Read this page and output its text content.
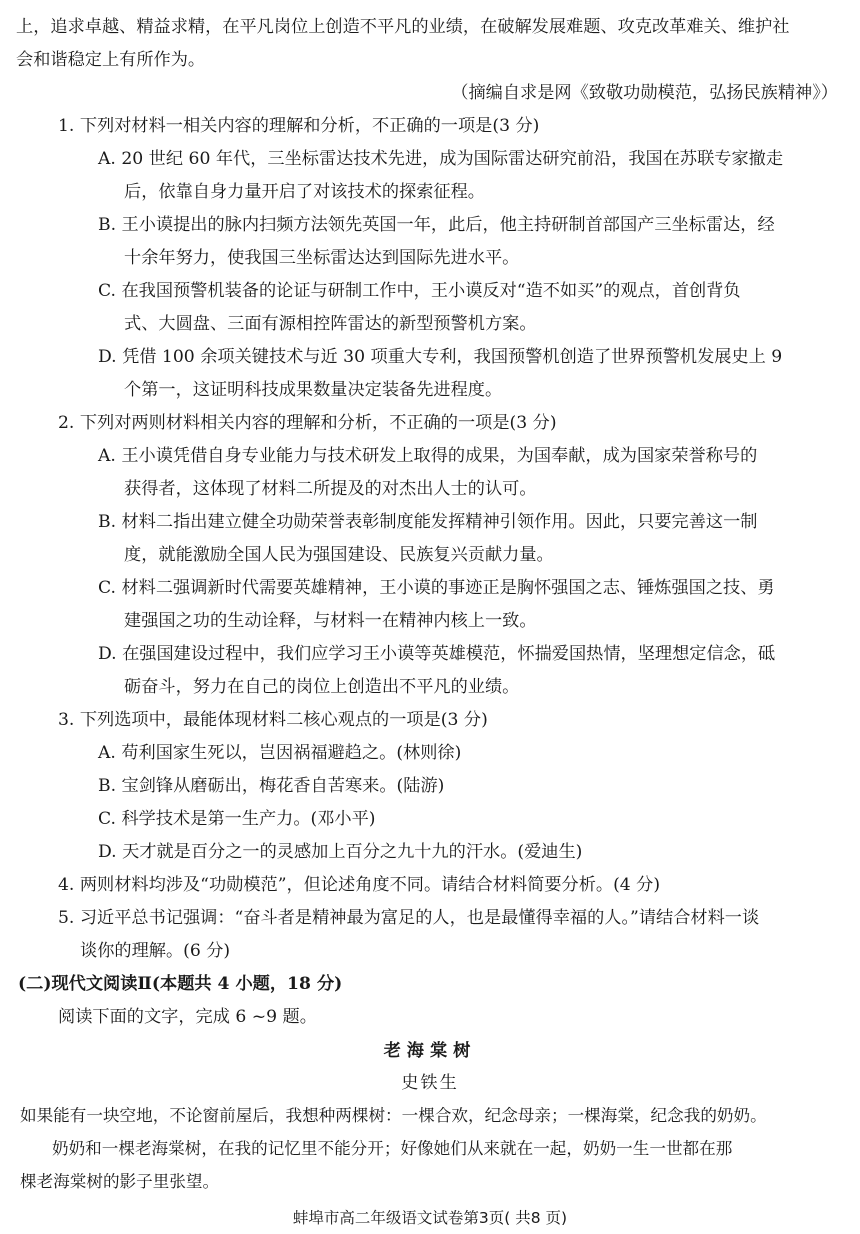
上，追求卓越、精益求精，在平凡岗位上创造不平凡的业绩，在破解发展难题、攻克改革难关、维护社
会和谐稳定上有所作为。
（摘编自求是网《致敬功勋模范，弘扬民族精神》）
1. 下列对材料一相关内容的理解和分析，不正确的一项是(3 分)
A. 20 世纪 60 年代，三坐标雷达技术先进，成为国际雷达研究前沿，我国在苏联专家撤走
后，依靠自身力量开启了对该技术的探索征程。
B. 王小谟提出的脉内扫频方法领先英国一年，此后，他主持研制首部国产三坐标雷达，经
十余年努力，使我国三坐标雷达达到国际先进水平。
C. 在我国预警机装备的论证与研制工作中，王小谟反对“造不如买”的观点，首创背负
式、大圆盘、三面有源相控阵雷达的新型预警机方案。
D. 凭借 100 余项关键技术与近 30 项重大专利，我国预警机创造了世界预警机发展史上 9
个第一，这证明科技成果数量决定装备先进程度。
2. 下列对两则材料相关内容的理解和分析，不正确的一项是(3 分)
A. 王小谟凭借自身专业能力与技术研发上取得的成果，为国奉献，成为国家荣誉称号的
获得者，这体现了材料二所提及的对杰出人士的认可。
B. 材料二指出建立健全功勋荣誉表彰制度能发挥精神引领作用。因此，只要完善这一制
度，就能激励全国人民为强国建设、民族复兴贡献力量。
C. 材料二强调新时代需要英雄精神，王小谟的事迹正是胸怀强国之志、锤炼强国之技、勇
建强国之功的生动诠释，与材料一在精神内核上一致。
D. 在强国建设过程中，我们应学习王小谟等英雄模范，怀揣爱国热情，坚理想定信念，砥
砺奋斗，努力在自己的岗位上创造出不平凡的业绩。
3. 下列选项中，最能体现材料二核心观点的一项是(3 分)
A. 苟利国家生死以，岂因祸福避趋之。(林则徐)
B. 宝剑锋从磨砺出，梅花香自苦寒来。(陆游)
C. 科学技术是第一生产力。(邓小平)
D. 天才就是百分之一的灵感加上百分之九十九的汗水。(爱迪生)
4. 两则材料均涉及“功勋模范”，但论述角度不同。请结合材料简要分析。(4 分)
5. 习近平总书记强调：“奋斗者是精神最为富足的人，也是最懂得幸福的人。”请结合材料一谈
谈你的理解。(6 分)
(二)现代文阅读Ⅱ(本题共 4 小题，18 分)
阅读下面的文字，完成 6 ~9 题。
老海棠树
史铁生
如果能有一块空地，不论窗前屋后，我想种两棵树：一棵合欢，纪念母亲；一棵海棠，纪念我的奶奶。
奶奶和一棵老海棠树，在我的记忆里不能分开；好像她们从来就在一起，奶奶一生一世都在那
棵老海棠树的影子里张望。
蚌埠市高二年级语文试卷第3页( 共8 页)
